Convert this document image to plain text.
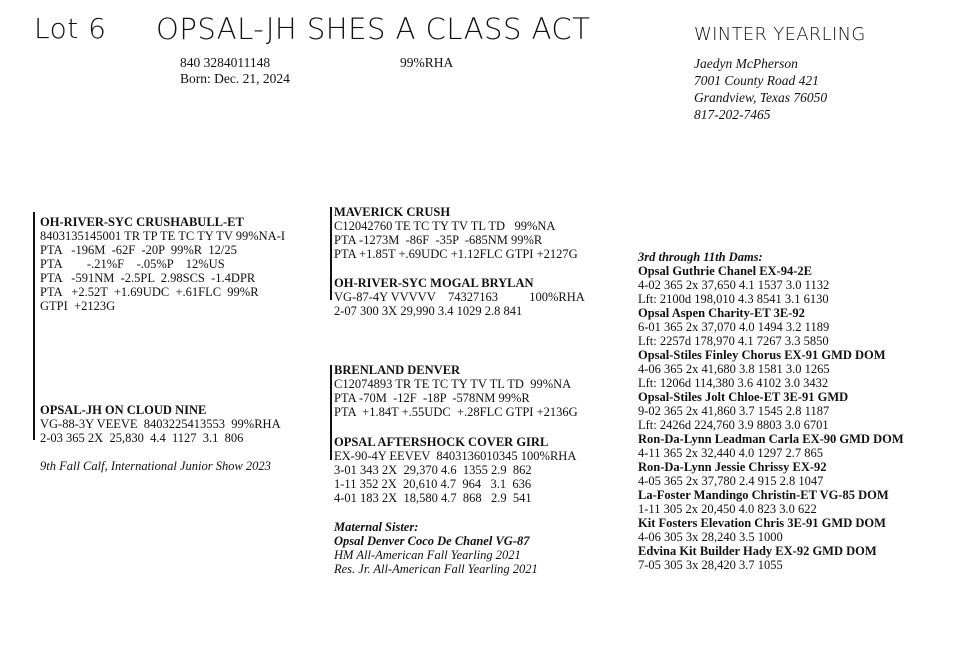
Lot 6 OPSAL-JH SHES A CLASS ACT	WINTER YEARLING
840 3284011148
Born: Dec. 21, 2024
99%RHA	Jaedyn McPherson
7001 County Road 421
Grandview, Texas 76050
817-202-7465
OH-RIVER-SYC CRUSHABULL-ET
8403135145001 TR TP TE TC TY TV 99%NA-I
PTA   -196M  -62F  -20P  99%R  12/25
PTA        -.21%F    -.05%P    12%US
PTA   -591NM  -2.5PL  2.98SCS  -1.4DPR
PTA   +2.52T  +1.69UDC  +.61FLC  99%R
GTPI  +2123G
OPSAL-JH ON CLOUD NINE
VG-88-3Y VEEVE  8403225413553  99%RHA
2-03 365 2X  25,830  4.4  1127  3.1  806
9th Fall Calf, International Junior Show 2023
MAVERICK CRUSH
C12042760 TE TC TY TV TL TD   99%NA
PTA -1273M  -86F  -35P  -685NM 99%R
PTA +1.85T +.69UDC +1.12FLC GTPI +2127G
OH-RIVER-SYC MOGAL BRYLAN
VG-87-4Y VVVVV    74327163          100%RHA
2-07 300 3X 29,990 3.4 1029 2.8 841
BRENLAND DENVER
C12074893 TR TE TC TY TV TL TD  99%NA
PTA -70M  -12F  -18P  -578NM 99%R
PTA  +1.84T +.55UDC  +.28FLC GTPI +2136G
OPSAL AFTERSHOCK COVER GIRL
EX-90-4Y EEVEV  8403136010345 100%RHA
3-01 343 2X  29,370 4.6  1355 2.9  862
1-11 352 2X  20,610 4.7  964   3.1  636
4-01 183 2X  18,580 4.7  868   2.9  541
Maternal Sister:
Opsal Denver Coco De Chanel VG-87
HM All-American Fall Yearling 2021
Res. Jr. All-American Fall Yearling 2021
3rd through 11th Dams:
Opsal Guthrie Chanel EX-94-2E
4-02 365 2x 37,650 4.1 1537 3.0 1132
Lft: 2100d 198,010 4.3 8541 3.1 6130
Opsal Aspen Charity-ET 3E-92
6-01 365 2x 37,070 4.0 1494 3.2 1189
Lft: 2257d 178,970 4.1 7267 3.3 5850
Opsal-Stiles Finley Chorus EX-91 GMD DOM
4-06 365 2x 41,680 3.8 1581 3.0 1265
Lft: 1206d 114,380 3.6 4102 3.0 3432
Opsal-Stiles Jolt Chloe-ET 3E-91 GMD
9-02 365 2x 41,860 3.7 1545 2.8 1187
Lft: 2426d 224,760 3.9 8803 3.0 6701
Ron-Da-Lynn Leadman Carla EX-90 GMD DOM
4-11 365 2x 32,440 4.0 1297 2.7 865
Ron-Da-Lynn Jessie Chrissy EX-92
4-05 365 2x 37,780 2.4 915 2.8 1047
La-Foster Mandingo Christin-ET VG-85 DOM
1-11 305 2x 20,450 4.0 823 3.0 622
Kit Fosters Elevation Chris 3E-91 GMD DOM
4-06 305 3x 28,240 3.5 1000
Edvina Kit Builder Hady EX-92 GMD DOM
7-05 305 3x 28,420 3.7 1055
